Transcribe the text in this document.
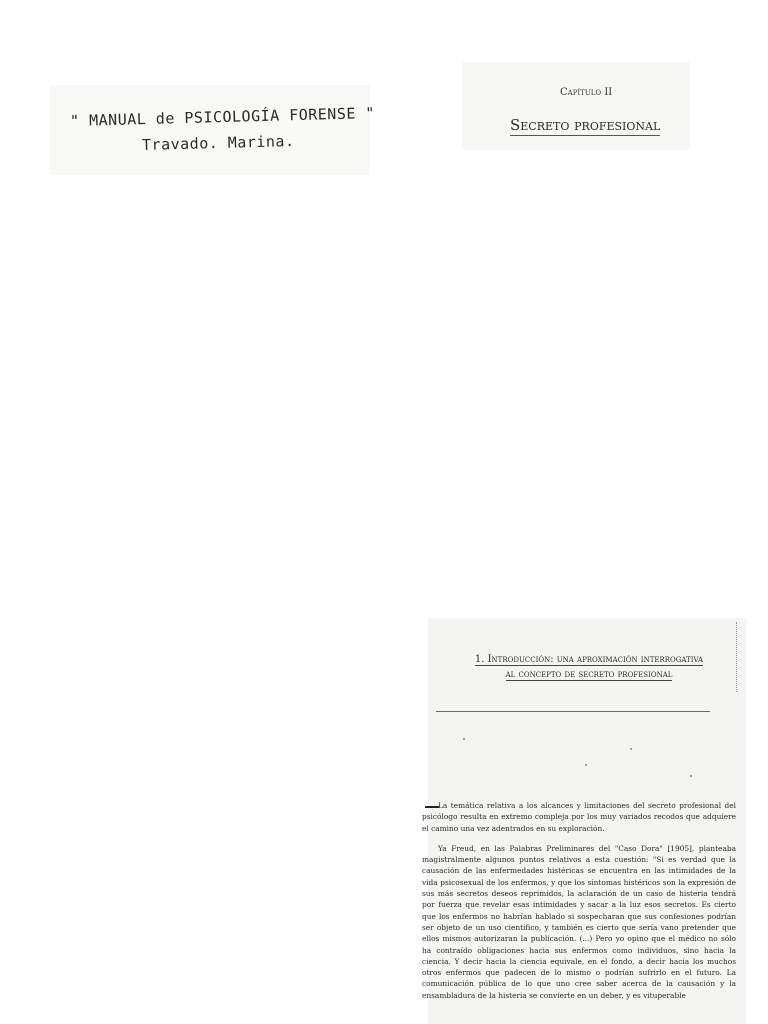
" MANUAL de PSICOLOGÍA FORENSE "
Travado. Marina.
Capítulo II
Secreto profesional
1. Introducción: una aproximación interrogativa
al concepto de secreto profesional

La temática relativa a los alcances y limitaciones del secreto profesional del psicólogo resulta en extremo compleja por los muy variados recodos que adquiere el camino una vez adentrados en su exploración.

Ya Freud, en las Palabras Preliminares del "Caso Dora" [1905], planteaba magistralmente algunos puntos relativos a esta cuestión: "Si es verdad que la causación de las enfermedades histéricas se encuentra en las intimidades de la vida psicosexual de los enfermos, y que los síntomas histéricos son la expresión de sus más secretos deseos reprimidos, la aclaración de un caso de histeria tendrá por fuerza que revelar esas intimidades y sacar a la luz esos secretos. Es cierto que los enfermos no habrían hablado si sospecharan que sus confesiones podrían ser objeto de un uso científico, y también es cierto que sería vano pretender que ellos mismos autorizaran la publicación. (...) Pero yo opino que el médico no sólo ha contraído obligaciones hacia sus enfermos como individuos, sino hacia la ciencia. Y decir hacia la ciencia equivale, en el fondo, a decir hacia los muchos otros enfermos que padecen de lo mismo o podrían sufrirlo en el futuro. La comunicación pública de lo que uno cree saber acerca de la causación y la ensambladura de la histeria se convierte en un deber, y es vituperable
